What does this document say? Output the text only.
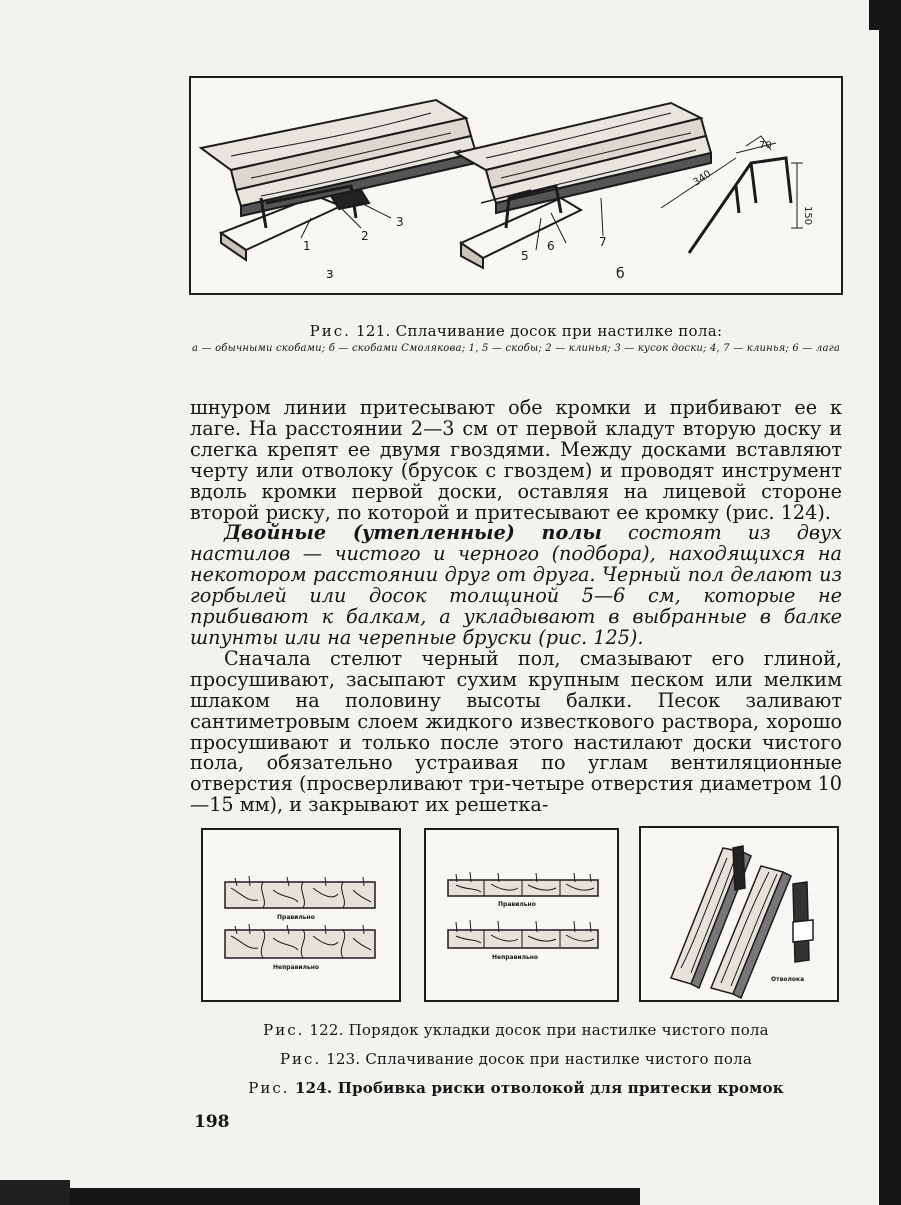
1
2
3
5
6	7
з	б
70
340
150
Рис. 121. Сплачивание досок при настилке пола:
а — обычными скобами; б — скобами Смолякова; 1, 5 — скобы; 2 — клинья; 3 — кусок доски; 4, 7 — клинья; 6 — лага

шнуром линии притесывают обе кромки и прибивают ее к лаге. На расстоянии 2—3 см от первой кладут вторую доску и слегка крепят ее двумя гвоздями. Между досками вставляют черту или отволоку (брусок с гвоздем) и проводят инструмент вдоль кромки первой доски, оставляя на лицевой стороне второй риску, по которой и притесывают ее кромку (рис. 124).

Двойные (утепленные) полы состоят из двух настилов — чистого и черного (подбора), находящихся на некотором расстоянии друг от друга. Черный пол делают из горбылей или досок толщиной 5—6 см, которые не прибивают к балкам, а укладывают в выбранные в балке шпунты или на черепные бруски (рис. 125).

Сначала стелют черный пол, смазывают его глиной, просушивают, засыпают сухим крупным песком или мелким шлаком на половину высоты балки. Песок заливают сантиметровым слоем жидкого известкового раствора, хорошо просушивают и только после этого настилают доски чистого пола, обязательно устраивая по углам вентиляционные отверстия (просверливают три-четыре отверстия диаметром 10—15 мм), и закрывают их решетка-

Правильно
Неправильно
Правильно
Неправильно
Отволока
Рис. 122. Порядок укладки досок при настилке чистого пола
Рис. 123. Сплачивание досок при настилке чистого пола
Рис. 124. Пробивка риски отволокой для притески кромок
198
